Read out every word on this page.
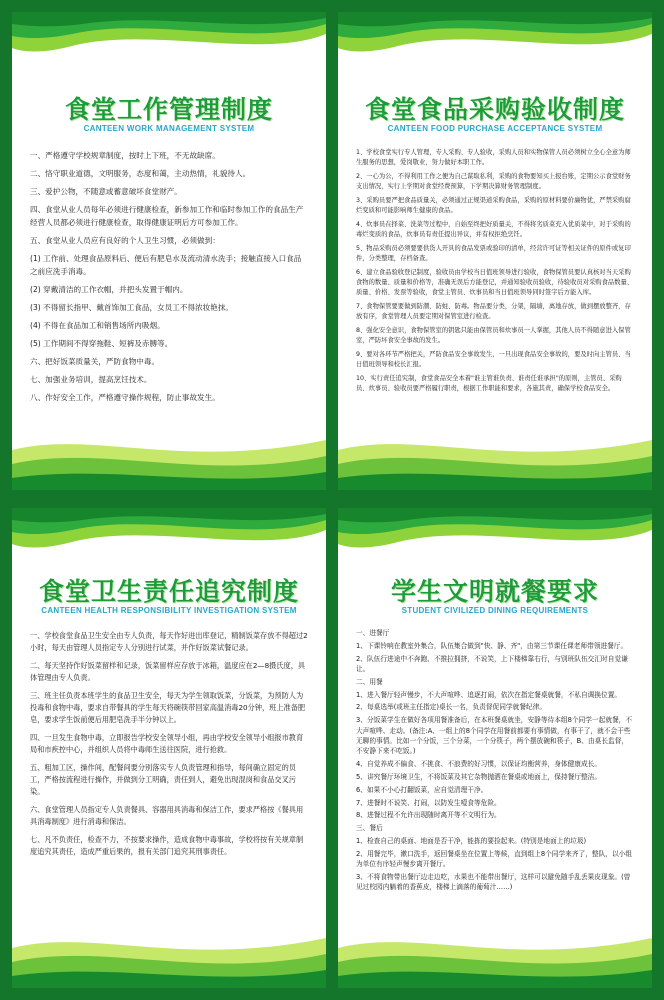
食堂工作管理制度
CANTEEN WORK MANAGEMENT SYSTEM
一、严格遵守学校规章制度，按时上下班，不无故缺席。
二、恪守职业道德，文明服务，态度和蔼，主动热情，礼貌待人。
三、爱护公物，不随意或蓄意破坏食堂财产。
四、食堂从业人员每年必须进行健康检查，新参加工作和临时参加工作的食品生产经营人员都必须进行健康检查，取得健康证明后方可参加工作。
五、食堂从业人员应有良好的个人卫生习惯，必须做到：
(1) 工作前、处理食品原料后、便后有肥皂水及流动清水洗手；接触直接入口食品之前应洗手消毒。
(2) 穿戴清洁的工作衣帽，并把头发置于帽内。
(3) 不得留长指甲、戴首饰加工食品，女员工不得浓妆艳抹。
(4) 不得在食品加工和销售场所内吸烟。
(5) 工作期间不得穿拖鞋、短裤及赤膊等。
六、把好饭菜质量关，严防食物中毒。
七、加强业务培训，提高烹饪技术。
八、作好安全工作，严格遵守操作规程，防止事故发生。
食堂食品采购验收制度
CANTEEN FOOD PURCHASE ACCEPTANCE SYSTEM
1、学校食堂实行专人管理，专人采购、专人验收，采购人员和实物保管人员必须树立全心全意为师生服务的思想，爱岗敬业，努力做好本职工作。
2、一心为公，不得利用工作之便为自己谋取私利，采购的食物要知买上报台账，定期公示食堂财务支出情况，实行上学期对食堂经费预算，下学期决算财务管理制度。
3、采购员要严把食品质量关，必须通过正规渠道采购食品，采购的原材料要价廉物优，严禁采购腐烂变质和可能影响师生健康的食品。
4、炊事员在择菜、洗菜等过程中，自始至终把好质量关，不得将劣质菜充入优质菜中，对于采购的毒烂变质的食品，炊事员有责任提出异议，并有权拒绝烹饪。
5、物品采购员必须要要供货人开具的食品发票或验印的清单，经营许可证等相关证件的原件或复印件，分类整理，存档备查。
6、建立食品验收登记制度，验收员由学校当日值班领导进行验收，食物保管员要认真核对当天采购食物的数量、质量和价格等，准确无误后方能登记，并通知验收员验收，待验收员对采购食品数量、质量、价格、发票等验收，食堂主管员、炊事员和当日值班领导同时签字后方能入库。
7、食物保管要要做到防潮、防蛀、防毒。物品要分类，分架，隔墙，离地存放，做到摆放整齐，存放有序，食堂管理人员要定期对保管室进行检查。
8、强化安全意识，食物保管室的钥匙只能由保管员和炊事员一人掌握，其他人员不得随意进入保管室，严防坏食安全事故的发生。
9、要对各环节严格把关，严防食品安全事故发生，一旦出现食品安全事故的，要及时向主管员、当日值班领导和校长汇报。
10、实行责任追究制，食堂食品安全本着"谁主管谁负责、谁责任谁承担"的原则，主管员、采购员、炊事员、验收员要严格履行职责，根据工作职能和要求，各施其责，确保学校食品安全。
食堂卫生责任追究制度
CANTEEN HEALTH RESPONSIBILITY INVESTIGATION SYSTEM
一、学校食堂食品卫生安全由专人负责，每天作好进出库登记，精制饭菜存放不得超过2小时，每天由管理人员指定专人分别进行试菜，并作好饭菜试餐记录。
二、每天坚持作好饭菜留样和记录，饭菜留样应存放于冰箱，温度应在2—8摄氏度，具体管理由专人负责。
三、班主任负责本班学生的食品卫生安全，每天为学生领取饭菜，分饭菜，为预防人为投毒和食物中毒，要求自带餐具的学生每天将碗筷带回家高温消毒20分钟，班上准备肥皂，要求学生饭前便后用肥皂洗手半分钟以上。
四、一旦发生食物中毒，立即报告学校安全领导小组，再由学校安全领导小组报市教育局和市疾控中心，并组织人员将中毒师生送往医院，进行抢救。
五、粗加工区，操作间，配餐间要分别落实专人负责管理和指导，每间确立固定的员工，严格按流程进行操作，并做到分工明确，责任到人，避免出现混岗和食品交叉污染。
六、食堂管理人员指定专人负责餐具、容器用具消毒和保洁工作，要求严格按《餐具用具消毒制度》进行消毒和保洁。
七、凡不负责任，检查不力，不按要求操作，造成食物中毒事故，学校将按有关规章制度追究其责任，造成严重后果的，报有关部门追究其刑事责任。
学生文明就餐要求
STUDENT CIVILIZED DINING REQUIREMENTS
一、进餐厅
1、下课铃响在教室外集合，队伍集合做到"快、静、齐"，由第三节课任课老师带领进餐厅。
2、队伍行进途中不奔跑、不推拉拥挤，不说笑，上下楼梯靠右行，与别班队伍交汇时自觉谦让。
二、用餐
1、进入餐厅轻声慢步，不大声喧哗、追逐打闹，依次在指定餐桌就餐，不私自调换位置。
2、每桌选举(或班主任指定)桌长一名，负责督促同学就餐纪律。
3、分饭菜学生在做好各项用餐准备后，在本班餐桌就坐，安静等待本组8个同学一起就餐，不大声喧哗、走动。(备注:A、一组上的8个同学在用餐前都要有事情做，有事干了，就不会干些无聊的事情。比如一个分饭，三个分菜，一个分筷子，两个摆放碗和筷子，B、由桌长监督，不安静下来不吃饭。)
4、自觉养成不偏食、不挑食、不浪费的好习惯，以保证均衡营养，身体健康成长。
5、讲究餐厅环境卫生，不将饭菜及其它杂物抛洒在餐桌或地面上，保持餐厅整洁。
6、如果不小心打翻饭菜，应自觉清理干净。
7、进餐时不说笑、打闹，以防发生噎食等危险。
8、进餐过程不允许出现随时离开等不文明行为。
三、餐后
1、检查自己的桌面、地面是否干净，能拣的要捡起来。(特别是地面上的垃圾)
2、用餐完毕，漱口洗手，返回餐桌坐在位置上等候，直到组上8个同学来齐了，整队，以小组为单位有序轻声慢步离开餐厅。
3、不将食物带出餐厅边走边吃，水果也不能带出餐厅，这样可以避免随手乱丢果皮现象。(曾见过校园内躺着的香蕉皮，楼梯上滴落的葡萄汁……)
